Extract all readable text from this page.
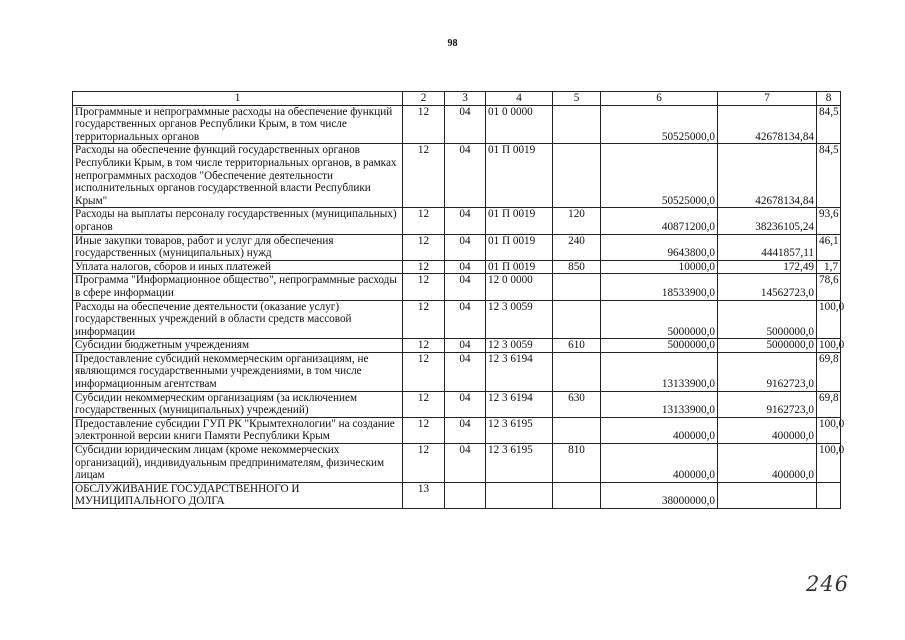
98
1	2	3	4	5	6	7	8
Программные и непрограммные расходы на обеспечение функций государственных органов Республики Крым, в том числе территориальных органов	12	04	01 0 0000		50525000,0	42678134,84	84,5
Расходы на обеспечение функций государственных органов Республики Крым, в том числе территориальных органов, в рамках непрограммных расходов "Обеспечение деятельности исполнительных органов государственной власти Республики Крым"	12	04	01 П 0019		50525000,0	42678134,84	84,5
Расходы на выплаты персоналу государственных (муниципальных) органов	12	04	01 П 0019	120	40871200,0	38236105,24	93,6
Иные закупки товаров, работ и услуг для обеспечения государственных (муниципальных) нужд	12	04	01 П 0019	240	9643800,0	4441857,11	46,1
Уплата налогов, сборов и иных платежей	12	04	01 П 0019	850	10000,0	172,49	1,7
Программа "Информационное общество", непрограммные расходы в сфере информации	12	04	12 0 0000		18533900,0	14562723,0	78,6
Расходы на обеспечение деятельности (оказание услуг) государственных учреждений в области средств массовой информации	12	04	12 3 0059		5000000,0	5000000,0	100,0
Субсидии бюджетным учреждениям	12	04	12 3 0059	610	5000000,0	5000000,0	100,0
Предоставление субсидий некоммерческим организациям, не являющимся государственными учреждениями, в том числе информационным агентствам	12	04	12 3 6194		13133900,0	9162723,0	69,8
Субсидии некоммерческим организациям (за исключением государственных (муниципальных) учреждений)	12	04	12 3 6194	630	13133900,0	9162723,0	69,8
Предоставление субсидии ГУП РК "Крымтехнологии" на создание электронной версии книги Памяти Республики Крым	12	04	12 3 6195		400000,0	400000,0	100,0
Субсидии юридическим лицам (кроме некоммерческих организаций), индивидуальным предпринимателям, физическим лицам	12	04	12 3 6195	810	400000,0	400000,0	100,0
ОБСЛУЖИВАНИЕ ГОСУДАРСТВЕННОГО И МУНИЦИПАЛЬНОГО ДОЛГА	13				38000000,0		
246
